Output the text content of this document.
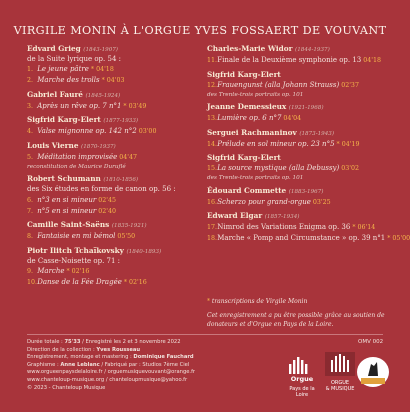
VIRGILE MONIN À L'ORGUE YVES FOSSAERT DE VOUVANT
Edvard Grieg (1843-1907)
de la Suite lyrique op. 54 :
1. Le jeune pâtre * 04'18
2. Marche des trolls * 04'03
Gabriel Fauré (1845-1924)
3. Après un rêve op. 7 n°1 * 03'49
Sigfrid Karg-Elert (1877-1933)
4. Valse mignonne op. 142 n°2 03'00
Louis Vierne (1870-1937)
5. Méditation improvisée 04'47
reconstitution de Maurice Duruflé
Robert Schumann (1810-1856)
des Six études en forme de canon op. 56 :
6. n°3 en si mineur 02'45
7. n°5 en si mineur 02'40
Camille Saint-Saëns (1835-1921)
8. Fantaisie en mi bémol 05'50
Piotr Ilitch Tchaïkovsky (1840-1893)
de Casse-Noisette op. 71 :
9. Marche * 02'16
10. Danse de la Fée Dragée * 02'16
Charles-Marie Widor (1844-1937)
11. Finale de la Deuxième symphonie op. 13 04'18
Sigfrid Karg-Elert
12. Frauengunst (alla Johann Strauss) 02'37
des Trente-trois portraits op. 101
Jeanne Demessieux (1921-1968)
13. Lumière op. 6 n°7 04'04
Serguei Rachmaninov (1873-1943)
14. Prélude en sol mineur op. 23 n°5 * 04'19
Sigfrid Karg-Elert
15. La source mystique (alla Debussy) 03'02
des Trente-trois portraits op. 101
Édouard Commette (1883-1967)
16. Scherzo pour grand-orgue 03'25
Edward Elgar (1857-1934)
17. Nimrod des Variations Enigma op. 36 * 06'14
18. Marche « Pomp and Circumstance » op. 39 n°1 * 05'00
* transcriptions de Virgile Monin
Cet enregistrement a pu être possible grâce au soutien de donateurs et d'Orgue en Pays de la Loire.
Durée totale : 75'33 / Enregistré les 2 et 3 novembre 2022
Direction de la collection : Yves Rousseau
Enregistrement, montage et mastering : Dominique Fauchard
Graphisme : Anne Leblanc / Fabriqué par : Studios 7ème Ciel
www.orgueenpaysdelaloire.fr / orguemusiquevouvant@orange.fr
www.chanteloup-musique.org / chanteloupmusique@yahoo.fr
© 2023 - Chanteloup Musique
OMV 002
Orgue
Pays de la Loire
ORGUE
& MUSIQUE
